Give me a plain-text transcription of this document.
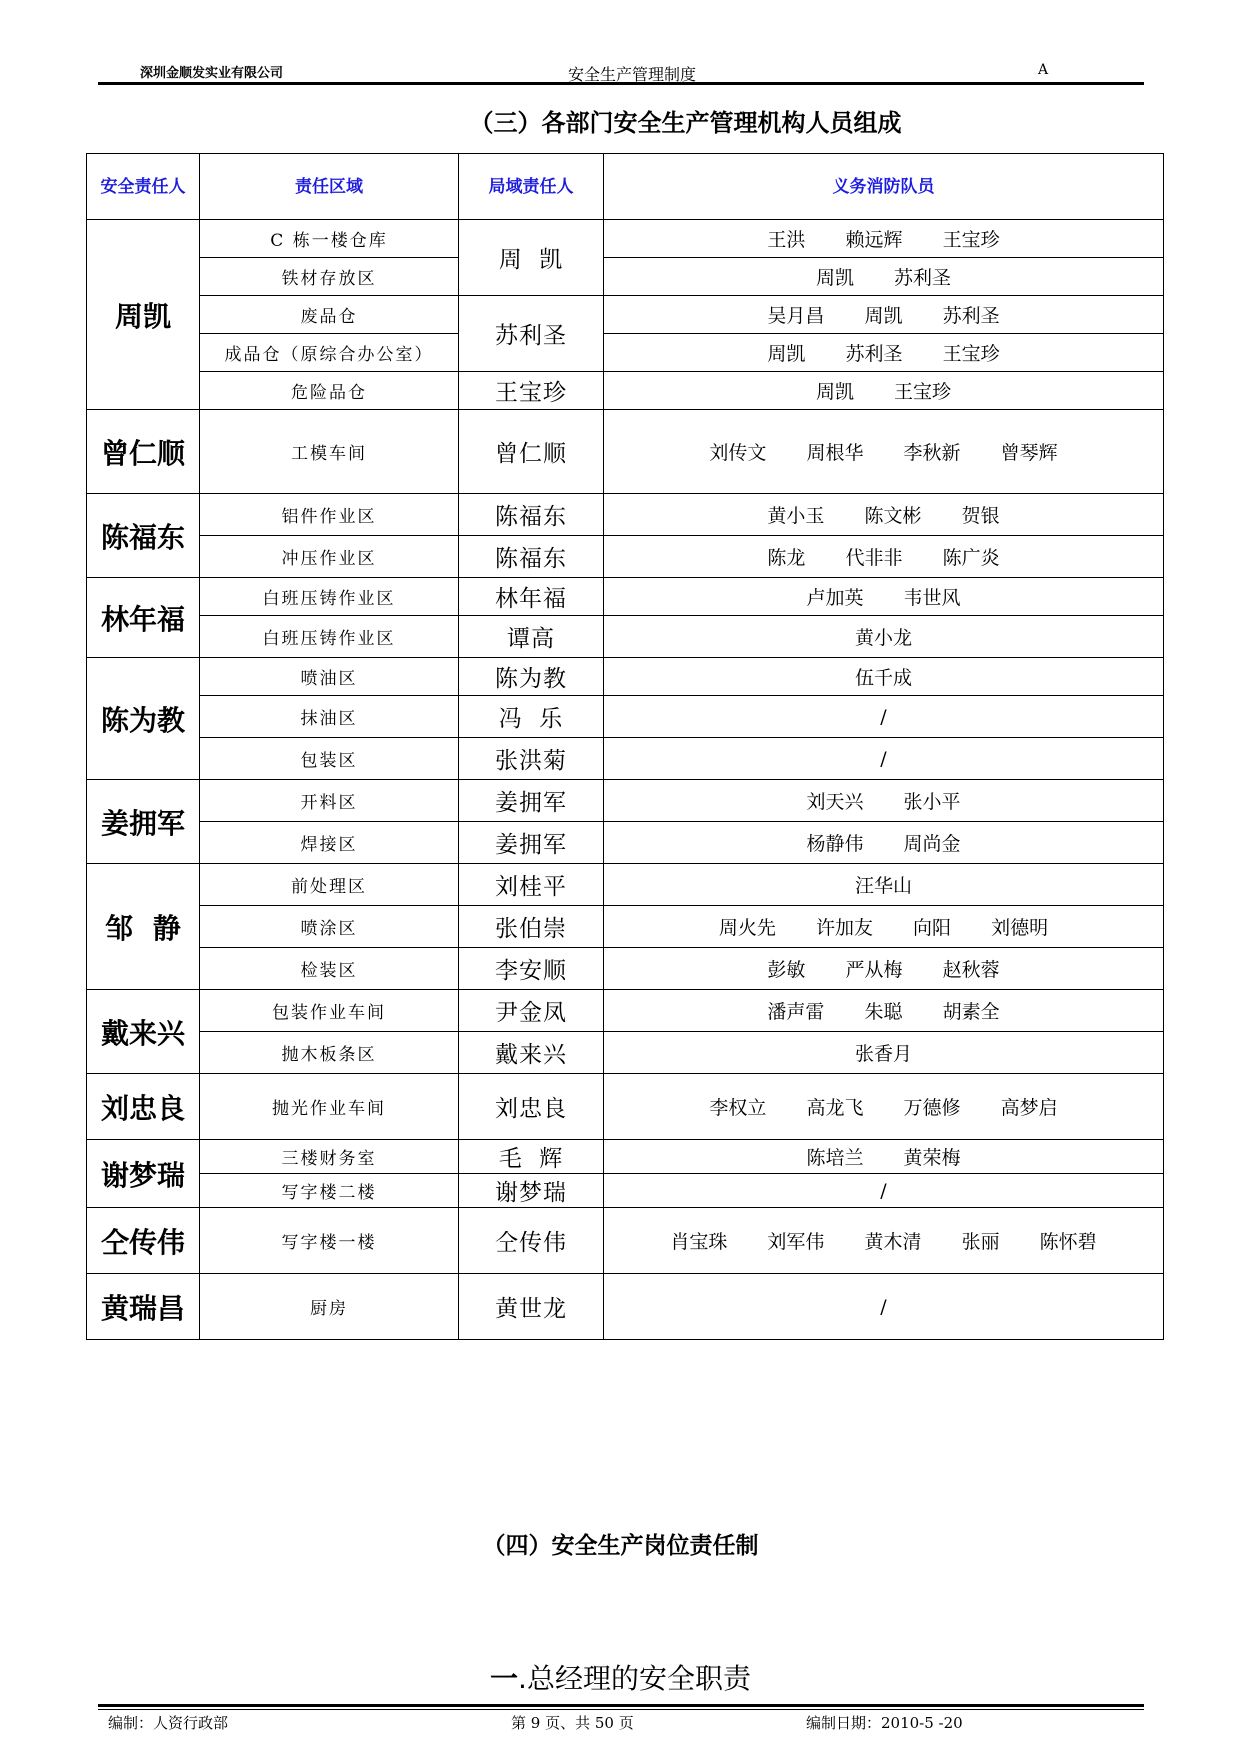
深圳金顺发实业有限公司	安全生产管理制度	A
（三）各部门安全生产管理机构人员组成
安全责任人	责任区域	局域责任人	义务消防队员
周凯	C 栋一楼仓库	周  凯	王洪  赖远辉  王宝珍
	铁材存放区		周凯  苏利圣
	废品仓	苏利圣	吴月昌  周凯  苏利圣
	成品仓（原综合办公室）		周凯  苏利圣  王宝珍
	危险品仓	王宝珍	周凯  王宝珍
曾仁顺	工模车间	曾仁顺	刘传文  周根华  李秋新  曾琴辉
陈福东	铝件作业区	陈福东	黄小玉  陈文彬  贺银
	冲压作业区	陈福东	陈龙  代非非  陈广炎
林年福	白班压铸作业区	林年福	卢加英  韦世风
	白班压铸作业区	谭高	黄小龙
陈为教	喷油区	陈为教	伍千成
	抹油区	冯  乐	/
	包装区	张洪菊	/
姜拥军	开料区	姜拥军	刘天兴  张小平
	焊接区	姜拥军	杨静伟  周尚金
邹  静	前处理区	刘桂平	汪华山
	喷涂区	张伯崇	周火先  许加友  向阳  刘德明
	检装区	李安顺	彭敏  严从梅  赵秋蓉
戴来兴	包装作业车间	尹金凤	潘声雷  朱聪  胡素全
	抛木板条区	戴来兴	张香月
刘忠良	抛光作业车间	刘忠良	李权立  高龙飞  万德修  高梦启
谢梦瑞	三楼财务室	毛  辉	陈培兰  黄荣梅
	写字楼二楼	谢梦瑞	/
仝传伟	写字楼一楼	仝传伟	肖宝珠  刘军伟  黄木清  张丽  陈怀碧
黄瑞昌	厨房	黄世龙	/
（四）安全生产岗位责任制
一.总经理的安全职责
编制：人资行政部	第 9 页、共 50 页	编制日期：2010-5 -20
